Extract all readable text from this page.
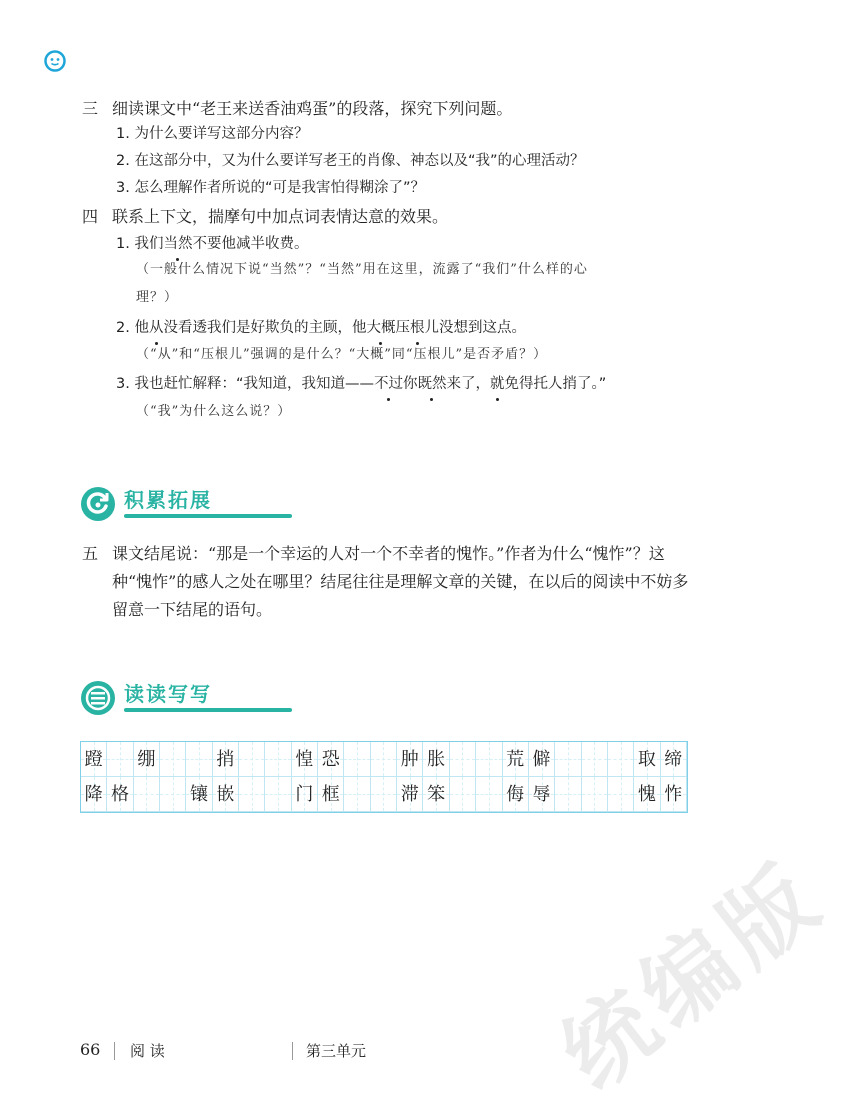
三 细读课文中“老王来送香油鸡蛋”的段落，探究下列问题。
1. 为什么要详写这部分内容？
2. 在这部分中，又为什么要详写老王的肖像、神态以及“我”的心理活动？
3. 怎么理解作者所说的“可是我害怕得糊涂了”？
四 联系上下文，揣摩句中加点词表情达意的效果。
1. 我们当然不要他减半收费。
（一般什么情况下说“当然”？“当然”用在这里，流露了“我们”什么样的心
理？）
2. 他从没看透我们是好欺负的主顾，他大概压根儿没想到这点。
（“从”和“压根儿”强调的是什么？“大概”同“压根儿”是否矛盾？）
3. 我也赶忙解释：“我知道，我知道——不过你既然来了，就免得托人捎了。”
（“我”为什么这么说？）
积累拓展
五 课文结尾说：“那是一个幸运的人对一个不幸者的愧怍。”作者为什么“愧怍”？这种“愧怍”的感人之处在哪里？结尾往往是理解文章的关键，在以后的阅读中不妨多留意一下结尾的语句。
读读写写
蹬 绷	捎	惶 恐	肿 胀	荒 僻	取 缔
降 格	镶 嵌	门 框	滞 笨	侮 辱	愧 怍
统编版
66 阅 读	第三单元
